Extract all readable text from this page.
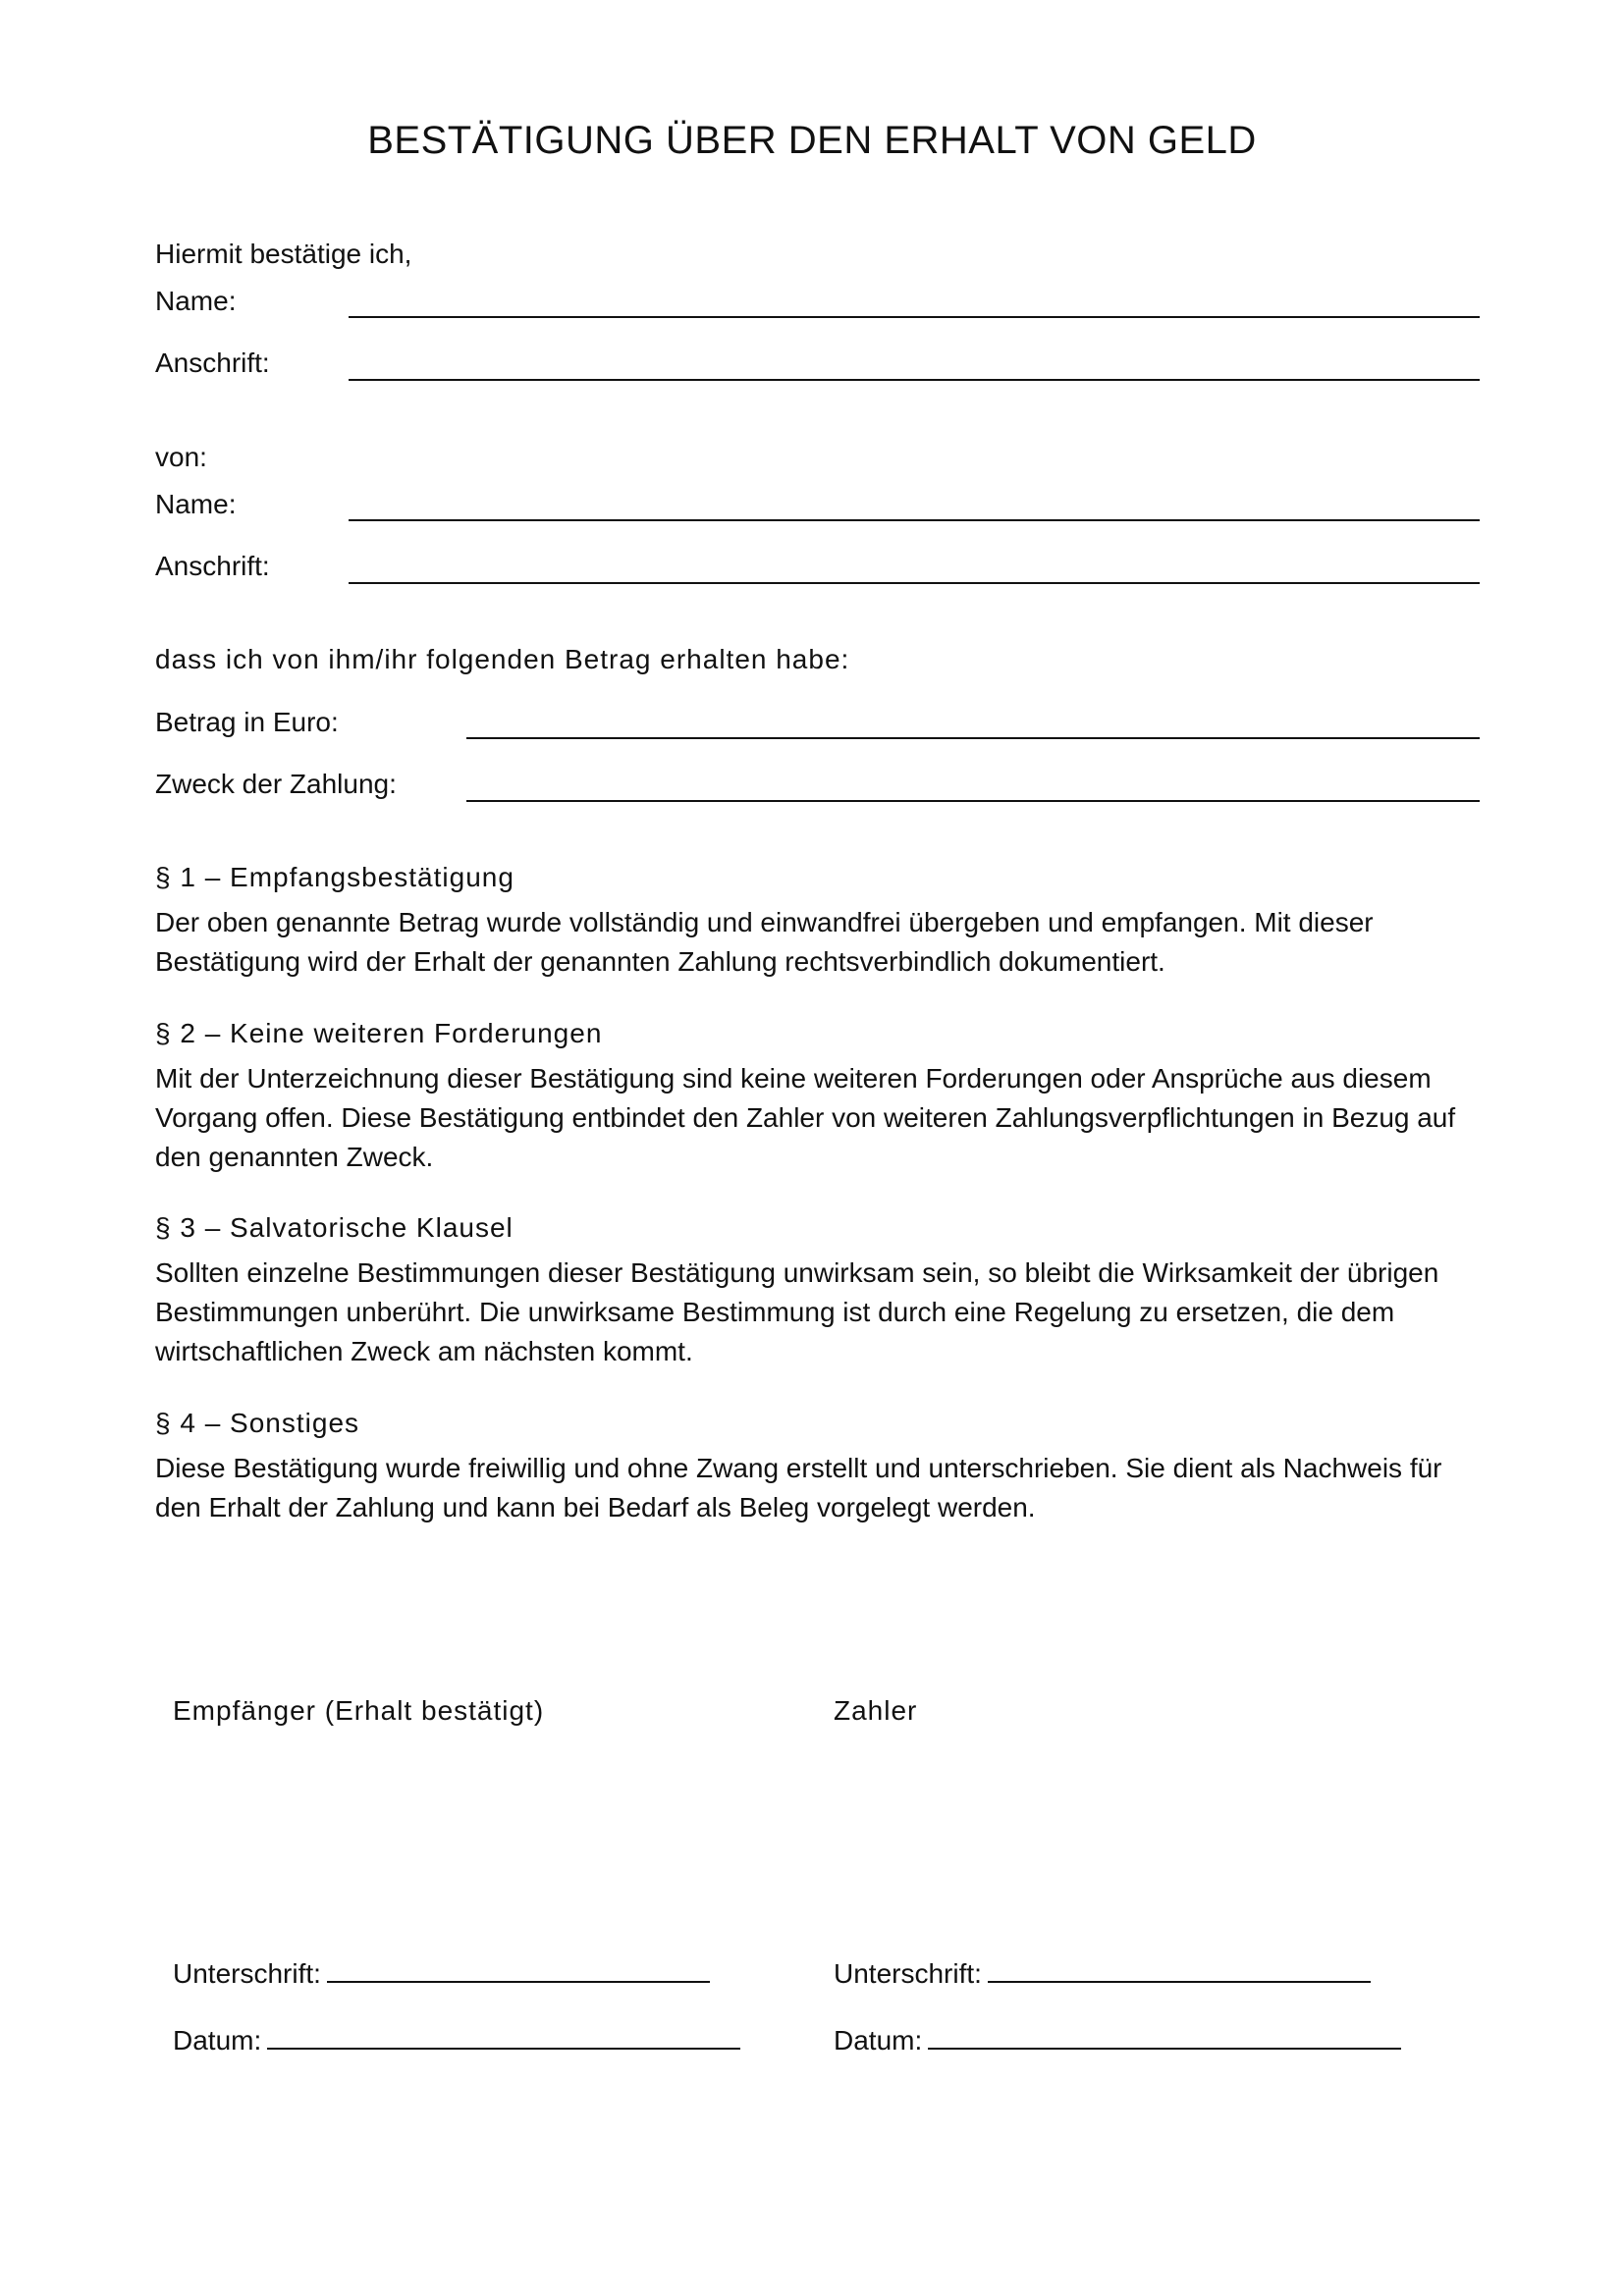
BESTÄTIGUNG ÜBER DEN ERHALT VON GELD
Hiermit bestätige ich,
Name:
Anschrift:
von:
Name:
Anschrift:
dass ich von ihm/ihr folgenden Betrag erhalten habe:
Betrag in Euro:
Zweck der Zahlung:
§ 1 – Empfangsbestätigung
Der oben genannte Betrag wurde vollständig und einwandfrei übergeben und empfangen. Mit dieser Bestätigung wird der Erhalt der genannten Zahlung rechtsverbindlich dokumentiert.
§ 2 – Keine weiteren Forderungen
Mit der Unterzeichnung dieser Bestätigung sind keine weiteren Forderungen oder Ansprüche aus diesem Vorgang offen. Diese Bestätigung entbindet den Zahler von weiteren Zahlungsverpflichtungen in Bezug auf den genannten Zweck.
§ 3 – Salvatorische Klausel
Sollten einzelne Bestimmungen dieser Bestätigung unwirksam sein, so bleibt die Wirksamkeit der übrigen Bestimmungen unberührt. Die unwirksame Bestimmung ist durch eine Regelung zu ersetzen, die dem wirtschaftlichen Zweck am nächsten kommt.
§ 4 – Sonstiges
Diese Bestätigung wurde freiwillig und ohne Zwang erstellt und unterschrieben. Sie dient als Nachweis für den Erhalt der Zahlung und kann bei Bedarf als Beleg vorgelegt werden.
Empfänger (Erhalt bestätigt)	Zahler
Unterschrift:	Unterschrift:
Datum:	Datum:
